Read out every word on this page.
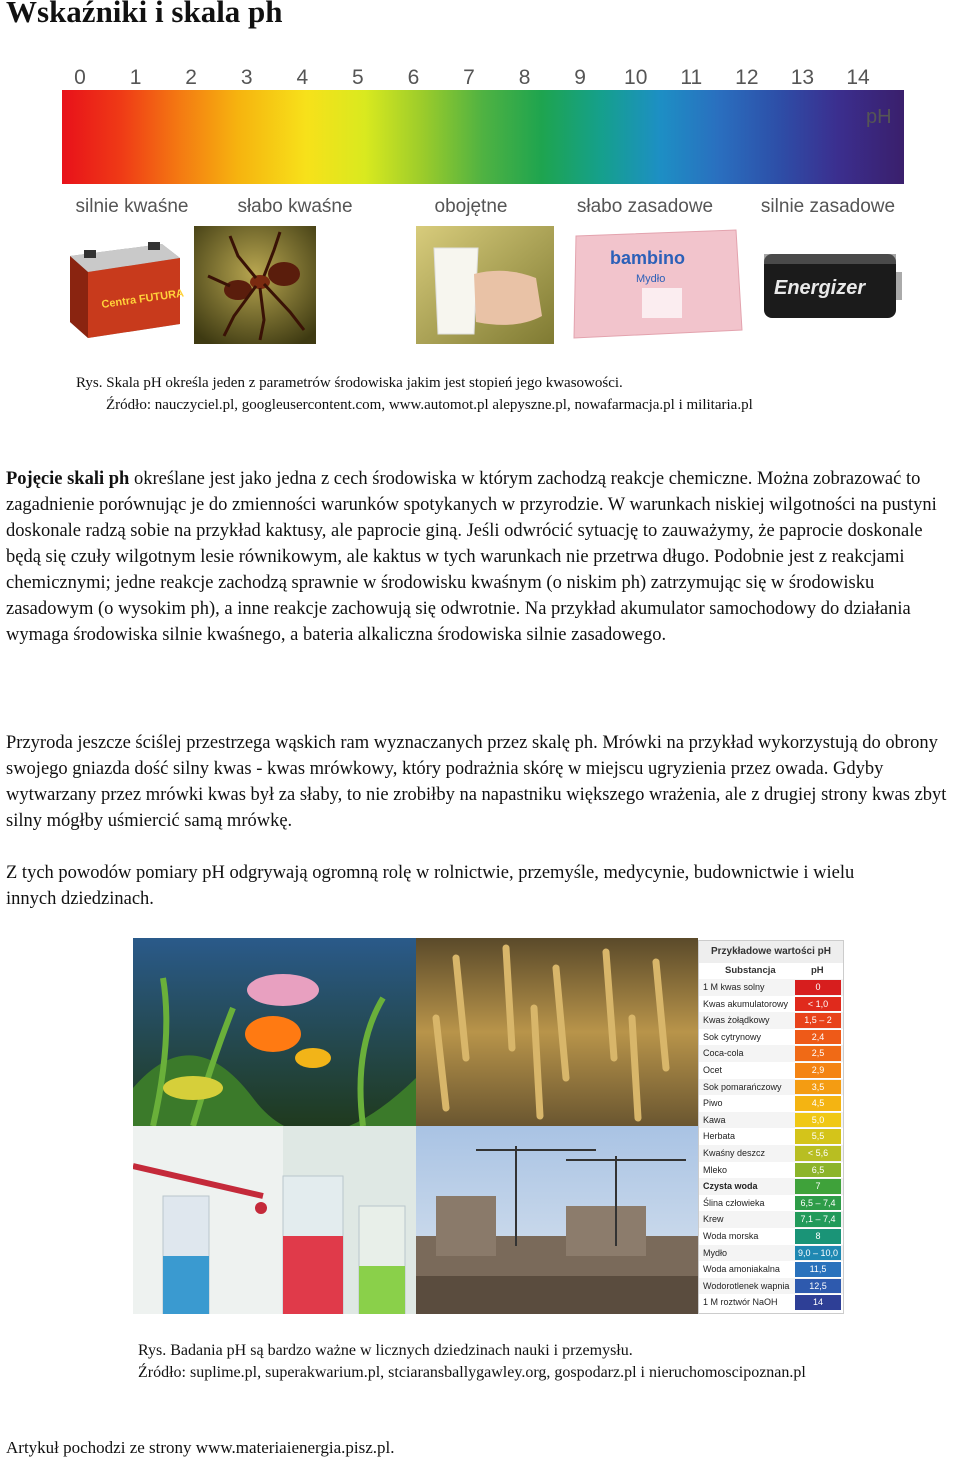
Wskaźniki i skala ph
0 1 2 3 4 5 6 7 8 9 10 11 12 13 14
pH
silnie kwaśne	słabo kwaśne	obojętne	słabo zasadowe	silnie zasadowe
Centra FUTURA
bambino
Mydło	Energizer
Rys. Skala pH określa jeden z parametrów środowiska jakim jest stopień jego kwasowości.
Źródło: nauczyciel.pl, googleusercontent.com, www.automot.pl alepyszne.pl, nowafarmacja.pl i militaria.pl
Pojęcie skali ph określane jest jako jedna z cech środowiska w którym zachodzą reakcje chemiczne. Można zobrazować to zagadnienie porównując je do zmienności warunków spotykanych w przyrodzie. W warunkach niskiej wilgotności na pustyni doskonale radzą sobie na przykład kaktusy, ale paprocie giną. Jeśli odwrócić sytuację to zauważymy, że paprocie doskonale będą się czuły wilgotnym lesie równikowym, ale kaktus w tych warunkach nie przetrwa długo. Podobnie jest z reakcjami chemicznymi; jedne reakcje zachodzą sprawnie w środowisku kwaśnym (o niskim ph) zatrzymując się w środowisku zasadowym (o wysokim ph), a inne reakcje zachowują się odwrotnie. Na przykład akumulator samochodowy do działania wymaga środowiska silnie kwaśnego, a bateria alkaliczna środowiska silnie zasadowego.
Przyroda jeszcze ściślej przestrzega wąskich ram wyznaczanych przez skalę ph. Mrówki na przykład wykorzystują do obrony swojego gniazda dość silny kwas - kwas mrówkowy, który podrażnia skórę w miejscu ugryzienia przez owada. Gdyby wytwarzany przez mrówki kwas był za słaby, to nie zrobiłby na napastniku większego wrażenia, ale z drugiej strony kwas zbyt silny mógłby uśmiercić samą mrówkę.
Z tych powodów pomiary pH odgrywają ogromną rolę w rolnictwie, przemyśle, medycynie, budownictwie i wielu innych dziedzinach.
Przykładowe wartości pH
Substancja	pH
1 M kwas solny	0
Kwas akumulatorowy	< 1,0
Kwas żołądkowy	1,5 – 2
Sok cytrynowy	2,4
Coca-cola	2,5
Ocet	2,9
Sok pomarańczowy	3,5
Piwo	4,5
Kawa	5,0
Herbata	5,5
Kwaśny deszcz	< 5,6
Mleko	6,5
Czysta woda	7
Ślina człowieka	6,5 – 7,4
Krew	7,1 – 7,4
Woda morska	8
Mydło	9,0 – 10,0
Woda amoniakalna	11,5
Wodorotlenek wapnia	12,5
1 M roztwór NaOH	14
Rys. Badania pH są bardzo ważne w licznych dziedzinach nauki i przemysłu.
Źródło: suplime.pl, superakwarium.pl, stciaransballygawley.org, gospodarz.pl i nieruchomoscipoznan.pl
Artykuł pochodzi ze strony www.materiaienergia.pisz.pl.
